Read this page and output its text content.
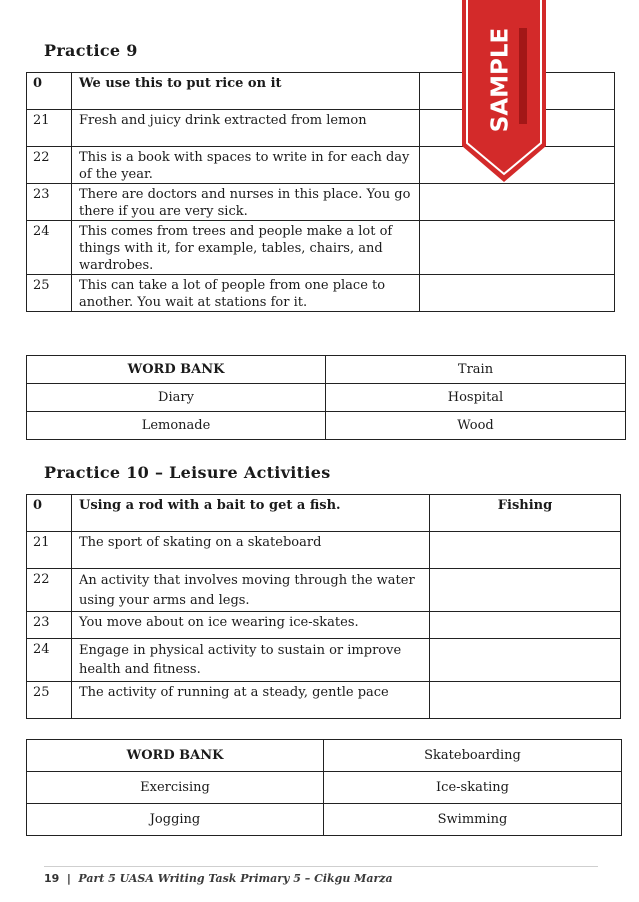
Practice 9
0	We use this to put rice on it	
21	Fresh and juicy drink extracted from lemon	
22	This is a book with spaces to write in for each day of the year.	
23	There are doctors and nurses in this place. You go there if you are very sick.	
24	This comes from trees and people make a lot of things with it, for example, tables, chairs, and wardrobes.	
25	This can take a lot of people from one place to another. You wait at stations for it.	
WORD BANK	Train
Diary	Hospital
Lemonade	Wood
Practice 10 – Leisure Activities
0	Using a rod with a bait to get a fish.	Fishing
21	The sport of skating on a skateboard	
22	An activity that involves moving through the water using your arms and legs.	
23	You move about on ice wearing ice-skates.	
24	Engage in physical activity to sustain or improve health and fitness.	
25	The activity of running at a steady, gentle pace	
WORD BANK	Skateboarding
Exercising	Ice-skating
Jogging	Swimming
SAMPLE
19 | Part 5 UASA Writing Task Primary 5 – Cikgu Marza
